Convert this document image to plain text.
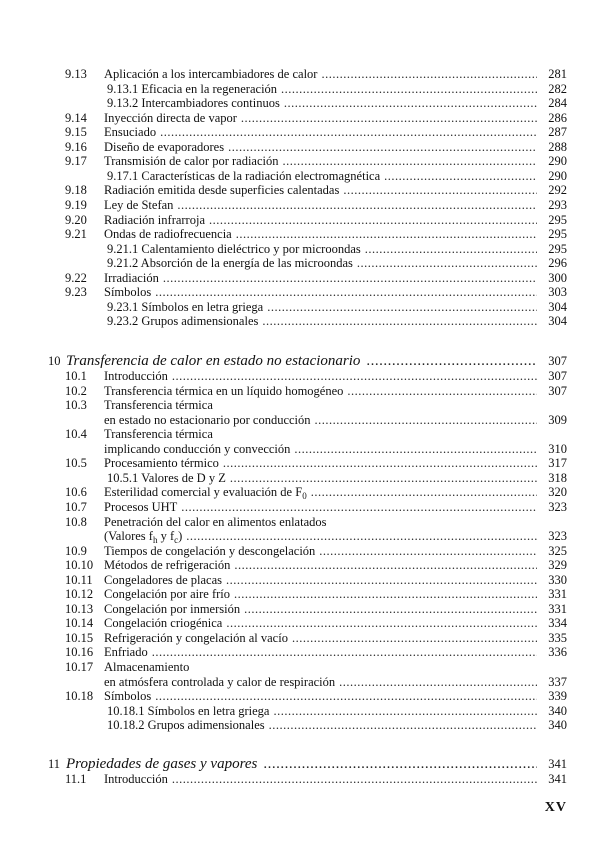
9.13 Aplicación a los intercambiadores de calor .....	281
9.13.1 Eficacia en la regeneración .....	282
9.13.2 Intercambiadores continuos .....	284
9.14 Inyección directa de vapor .....	286
9.15 Ensuciado .....	287
9.16 Diseño de evaporadores .....	288
9.17 Transmisión de calor por radiación .....	290
9.17.1 Características de la radiación electromagnética .....	290
9.18 Radiación emitida desde superficies calentadas .....	292
9.19 Ley de Stefan .....	293
9.20 Radiación infrarroja .....	295
9.21 Ondas de radiofrecuencia .....	295
9.21.1 Calentamiento dieléctrico y por microondas .....	295
9.21.2 Absorción de la energía de las microondas .....	296
9.22 Irradiación .....	300
9.23 Símbolos .....	303
9.23.1 Símbolos en letra griega .....	304
9.23.2 Grupos adimensionales .....	304
10 Transferencia de calor en estado no estacionario .....	307
10.1 Introducción .....	307
10.2 Transferencia térmica en un líquido homogéneo .....	307
10.3 Transferencia térmica
en estado no estacionario por conducción .....	309
10.4 Transferencia térmica
implicando conducción y convección .....	310
10.5 Procesamiento térmico .....	317
10.5.1 Valores de D y Z .....	318
10.6 Esterilidad comercial y evaluación de $F_0$ .....	320
10.7 Procesos UHT .....	323
10.8 Penetración del calor en alimentos enlatados
(Valores $f_h$ y $f_c$) .....	323
10.9 Tiempos de congelación y descongelación .....	325
10.10 Métodos de refrigeración .....	329
10.11 Congeladores de placas .....	330
10.12 Congelación por aire frío .....	331
10.13 Congelación por inmersión .....	331
10.14 Congelación criogénica .....	334
10.15 Refrigeración y congelación al vacío .....	335
10.16 Enfriado .....	336
10.17 Almacenamiento
en atmósfera controlada y calor de respiración .....	337
10.18 Símbolos .....	339
10.18.1 Símbolos en letra griega .....	340
10.18.2 Grupos adimensionales .....	340
11 Propiedades de gases y vapores .....	341
11.1 Introducción .....	341
XV
